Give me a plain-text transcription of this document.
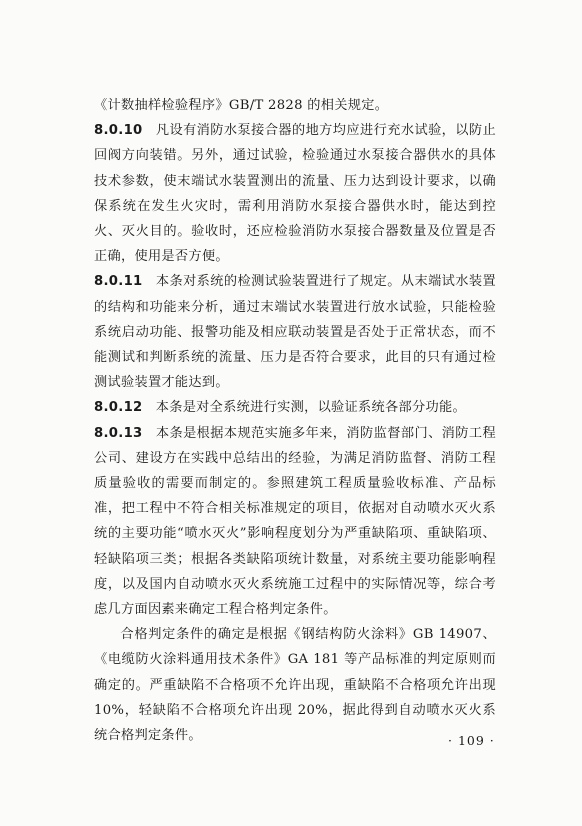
《计数抽样检验程序》GB/T 2828 的相关规定。

8.0.10 凡设有消防水泵接合器的地方均应进行充水试验，以防止回阀方向装错。另外，通过试验，检验通过水泵接合器供水的具体技术参数，使末端试水装置测出的流量、压力达到设计要求，以确保系统在发生火灾时，需利用消防水泵接合器供水时，能达到控火、灭火目的。验收时，还应检验消防水泵接合器数量及位置是否正确，使用是否方便。

8.0.11 本条对系统的检测试验装置进行了规定。从末端试水装置的结构和功能来分析，通过末端试水装置进行放水试验，只能检验系统启动功能、报警功能及相应联动装置是否处于正常状态，而不能测试和判断系统的流量、压力是否符合要求，此目的只有通过检测试验装置才能达到。

8.0.12 本条是对全系统进行实测，以验证系统各部分功能。

8.0.13 本条是根据本规范实施多年来，消防监督部门、消防工程公司、建设方在实践中总结出的经验，为满足消防监督、消防工程质量验收的需要而制定的。参照建筑工程质量验收标准、产品标准，把工程中不符合相关标准规定的项目，依据对自动喷水灭火系统的主要功能“喷水灭火”影响程度划分为严重缺陷项、重缺陷项、轻缺陷项三类；根据各类缺陷项统计数量，对系统主要功能影响程度，以及国内自动喷水灭火系统施工过程中的实际情况等，综合考虑几方面因素来确定工程合格判定条件。

合格判定条件的确定是根据《钢结构防火涂料》GB 14907、《电缆防火涂料通用技术条件》GA 181 等产品标准的判定原则而确定的。严重缺陷不合格项不允许出现，重缺陷不合格项允许出现 10%，轻缺陷不合格项允许出现 20%，据此得到自动喷水灭火系统合格判定条件。	· 109 ·
